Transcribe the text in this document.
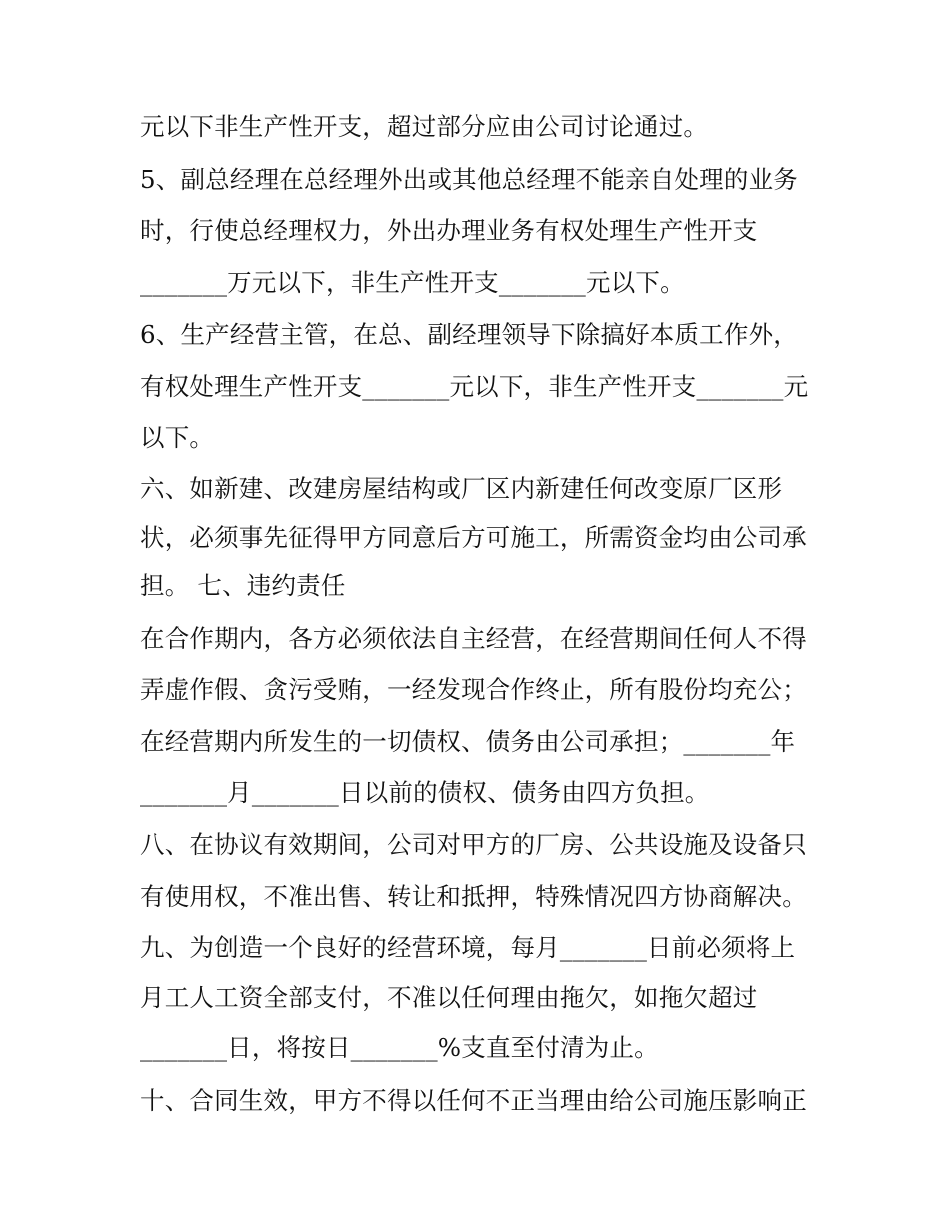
元以下非生产性开支，超过部分应由公司讨论通过。
5、副总经理在总经理外出或其他总经理不能亲自处理的业务
时，行使总经理权力，外出办理业务有权处理生产性开支
_______万元以下，非生产性开支_______元以下。
6、生产经营主管，在总、副经理领导下除搞好本质工作外，
有权处理生产性开支_______元以下，非生产性开支_______元
以下。
六、如新建、改建房屋结构或厂区内新建任何改变原厂区形
状，必须事先征得甲方同意后方可施工，所需资金均由公司承
担。 七、违约责任
在合作期内，各方必须依法自主经营，在经营期间任何人不得
弄虚作假、贪污受贿，一经发现合作终止，所有股份均充公；
在经营期内所发生的一切债权、债务由公司承担；_______年
_______月_______日以前的债权、债务由四方负担。
八、在协议有效期间，公司对甲方的厂房、公共设施及设备只
有使用权，不准出售、转让和抵押，特殊情况四方协商解决。
九、为创造一个良好的经营环境，每月_______日前必须将上
月工人工资全部支付，不准以任何理由拖欠，如拖欠超过
_______日，将按日_______%支直至付清为止。
十、合同生效，甲方不得以任何不正当理由给公司施压影响正
